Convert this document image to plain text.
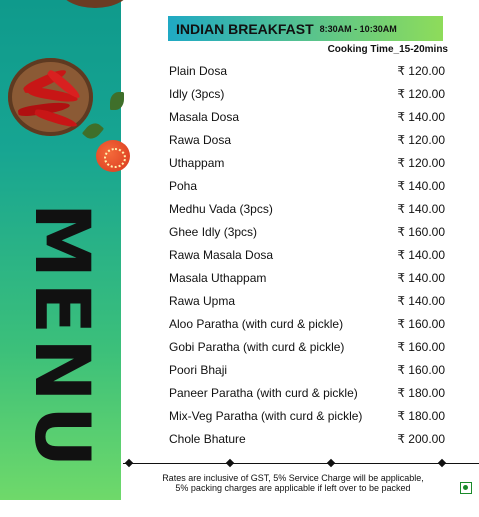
MENU
INDIAN BREAKFAST 8:30AM - 10:30AM
Cooking Time_15-20mins
Plain Dosa	₹ 120.00
Idly (3pcs)	₹ 120.00
Masala Dosa	₹ 140.00
Rawa Dosa	₹ 120.00
Uthappam	₹ 120.00
Poha	₹ 140.00
Medhu Vada (3pcs)	₹ 140.00
Ghee Idly (3pcs)	₹ 160.00
Rawa Masala Dosa	₹ 140.00
Masala Uthappam	₹ 140.00
Rawa Upma	₹ 140.00
Aloo Paratha (with curd & pickle)	₹ 160.00
Gobi Paratha (with curd & pickle)	₹ 160.00
Poori Bhaji	₹ 160.00
Paneer Paratha (with curd & pickle)	₹ 180.00
Mix-Veg Paratha (with curd & pickle)	₹ 180.00
Chole Bhature	₹ 200.00
Rates are inclusive of GST, 5% Service Charge will be applicable,
5% packing charges are applicable if left over to be packed
